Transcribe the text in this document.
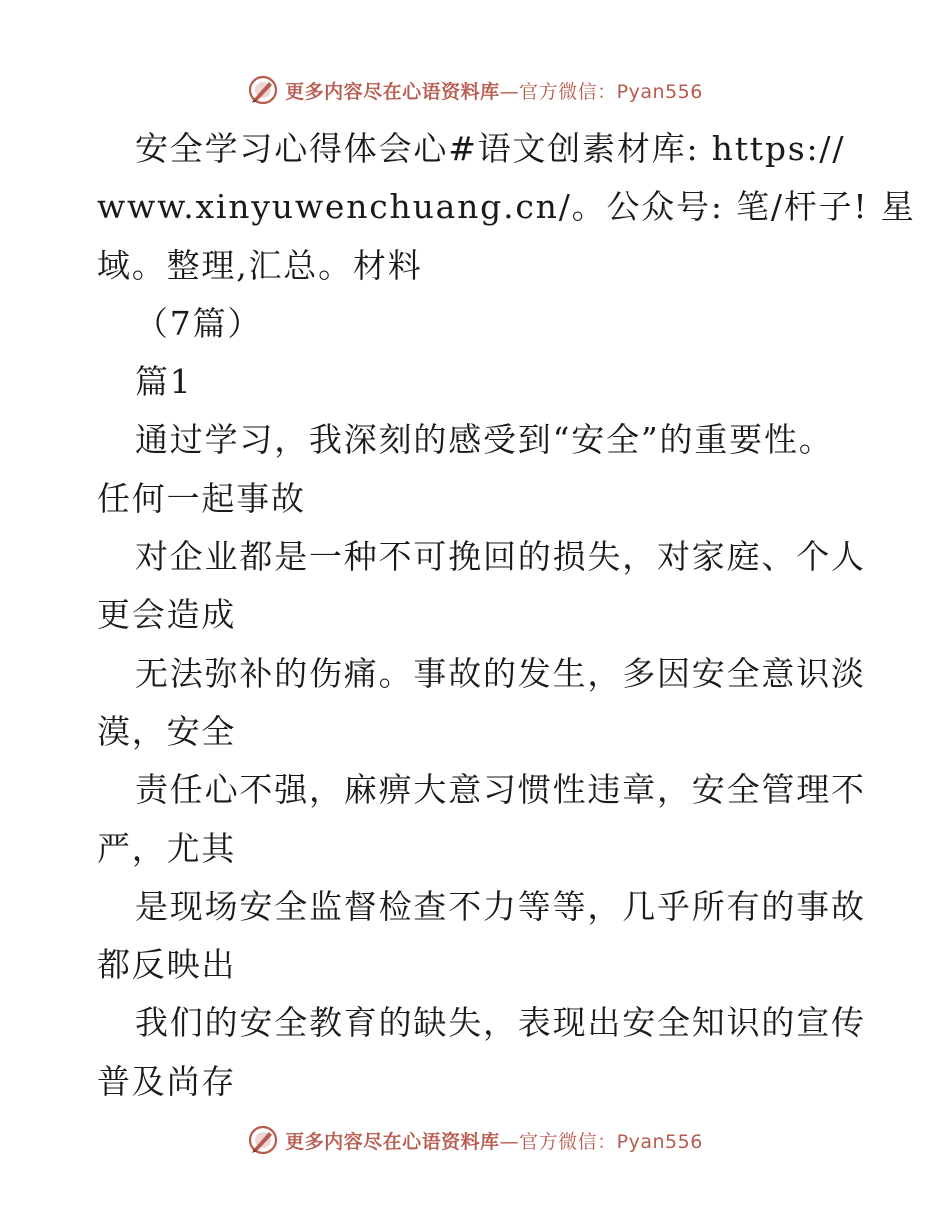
更多内容尽在心语资料库—官方微信：Pyan556
安全学习心得体会心#语文创素材库: https://
www.xinyuwenchuang.cn/。公众号: 笔/杆子! 星
域。整理,汇总。材料
（7篇）
篇1
通过学习，我深刻的感受到“安全”的重要性。
任何一起事故
对企业都是一种不可挽回的损失，对家庭、个人
更会造成
无法弥补的伤痛。事故的发生，多因安全意识淡
漠，安全
责任心不强，麻痹大意习惯性违章，安全管理不
严，尤其
是现场安全监督检查不力等等，几乎所有的事故
都反映出
我们的安全教育的缺失，表现出安全知识的宣传
普及尚存
更多内容尽在心语资料库—官方微信：Pyan556
